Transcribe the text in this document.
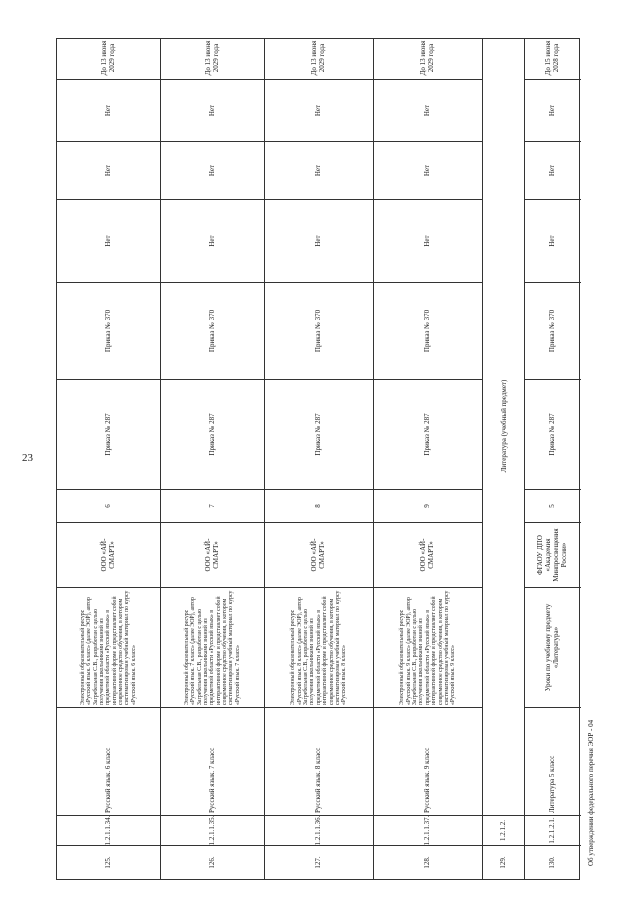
23
125.
1.2.1.1.34.
Русский язык. 6 класс
Электронный образовательный ресурс «Русский язык. 6 класс» (далее ЭОР), автор Загребельная С.В., разработан с целью получения школьниками знаний из предметной области «Русский язык» в интерактивной форме и представляет собой современное средство обучения, в котором систематизирован учебный материал по курсу «Русский язык. 6 класс»
ООО «АЙ-СМАРТ»
6
Приказ № 287
Приказ № 370
Нет
Нет
Нет
До 13 июня 2029 года
126.
1.2.1.1.35.
Русский язык. 7 класс
Электронный образовательный ресурс «Русский язык. 7 класс» (далее ЭОР), автор Загребельная С.В., разработан с целью получения школьниками знаний из предметной области «Русский язык» в интерактивной форме и представляет собой современное средство обучения, в котором систематизирован учебный материал по курсу «Русский язык. 7 класс»
ООО «АЙ-СМАРТ»
7
Приказ № 287
Приказ № 370
Нет
Нет
Нет
До 13 июня 2029 года
127.
1.2.1.1.36.
Русский язык. 8 класс
Электронный образовательный ресурс «Русский язык. 8 класс» (далее ЭОР), автор Загребельная С.В., разработан с целью получения школьниками знаний из предметной области «Русский язык» в интерактивной форме и представляет собой современное средство обучения, в котором систематизирован учебный материал по курсу «Русский язык. 8 класс»
ООО «АЙ-СМАРТ»
8
Приказ № 287
Приказ № 370
Нет
Нет
Нет
До 13 июня 2029 года
128.
1.2.1.1.37.
Русский язык. 9 класс
Электронный образовательный ресурс «Русский язык. 9 класс» (далее ЭОР), автор Загребельная С.В., разработан с целью получения школьниками знаний из предметной области «Русский язык» в интерактивной форме и представляет собой современное средство обучения, в котором систематизирован учебный материал по курсу «Русский язык. 9 класс»
ООО «АЙ-СМАРТ»
9
Приказ № 287
Приказ № 370
Нет
Нет
Нет
До 13 июня 2029 года
129.
1.2.1.2.
Литература (учебный предмет)
130.
1.2.1.2.1.
Литература 5 класс
Уроки по учебному предмету «Литература»
ФГАОУ ДПО «Академия Минпросвещения России»
5
Приказ № 287
Приказ № 370
Нет
Нет
Нет
До 15 июня 2028 года
Об утверждении федерального перечня ЭОР - 04
